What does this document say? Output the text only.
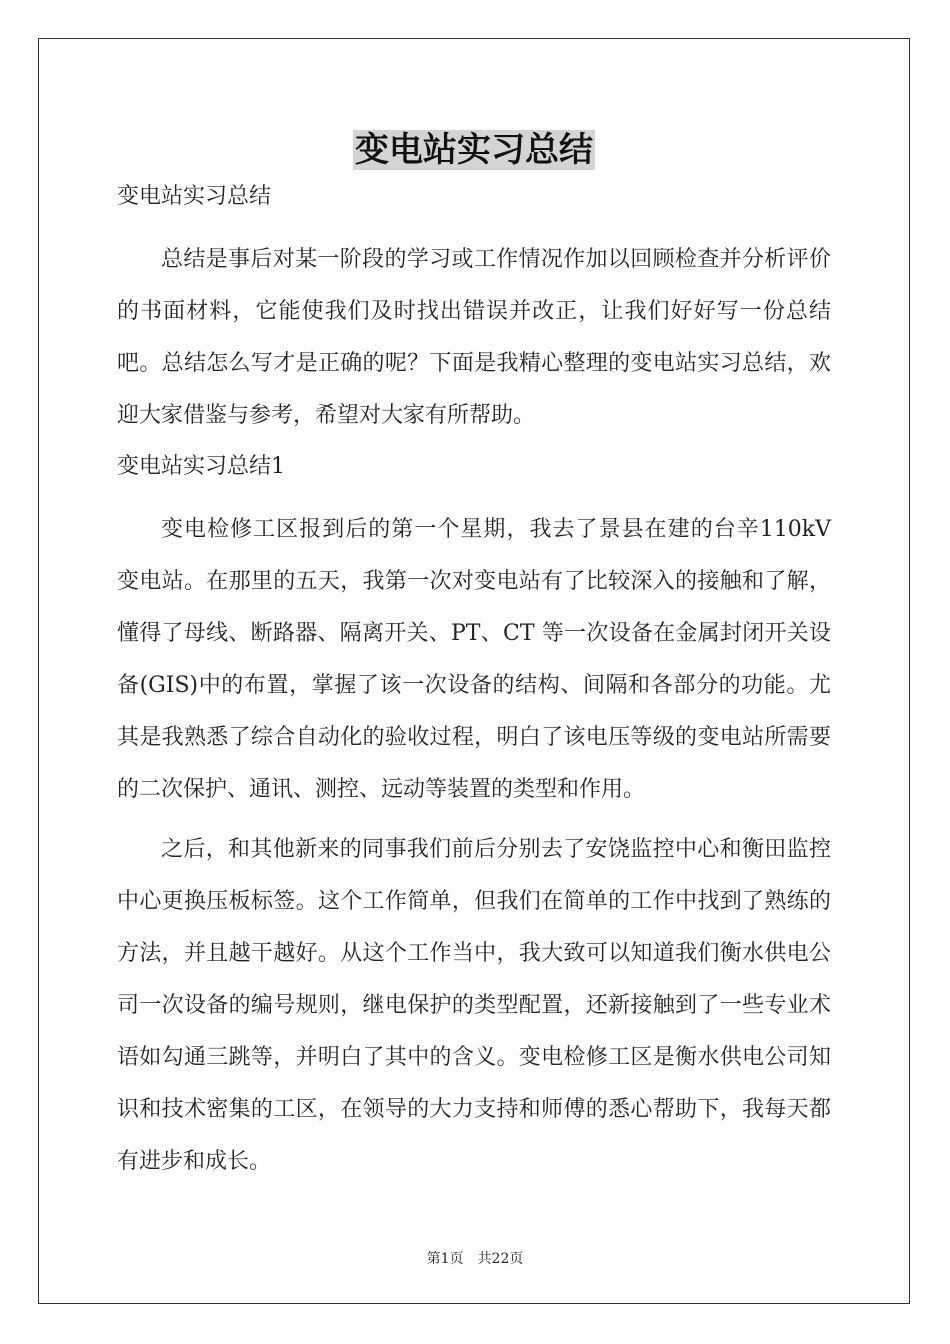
变电站实习总结

变电站实习总结

总结是事后对某一阶段的学习或工作情况作加以回顾检查并分析评价的书面材料，它能使我们及时找出错误并改正，让我们好好写一份总结吧。总结怎么写才是正确的呢？下面是我精心整理的变电站实习总结，欢迎大家借鉴与参考，希望对大家有所帮助。

变电站实习总结1

变电检修工区报到后的第一个星期，我去了景县在建的台辛110kV 变电站。在那里的五天，我第一次对变电站有了比较深入的接触和了解，懂得了母线、断路器、隔离开关、PT、CT 等一次设备在金属封闭开关设备(GIS)中的布置，掌握了该一次设备的结构、间隔和各部分的功能。尤其是我熟悉了综合自动化的验收过程，明白了该电压等级的变电站所需要的二次保护、通讯、测控、远动等装置的类型和作用。

之后，和其他新来的同事我们前后分别去了安饶监控中心和衡田监控中心更换压板标签。这个工作简单，但我们在简单的工作中找到了熟练的方法，并且越干越好。从这个工作当中，我大致可以知道我们衡水供电公司一次设备的编号规则，继电保护的类型配置，还新接触到了一些专业术语如勾通三跳等，并明白了其中的含义。变电检修工区是衡水供电公司知识和技术密集的工区，在领导的大力支持和师傅的悉心帮助下，我每天都有进步和成长。

第1页　共22页
